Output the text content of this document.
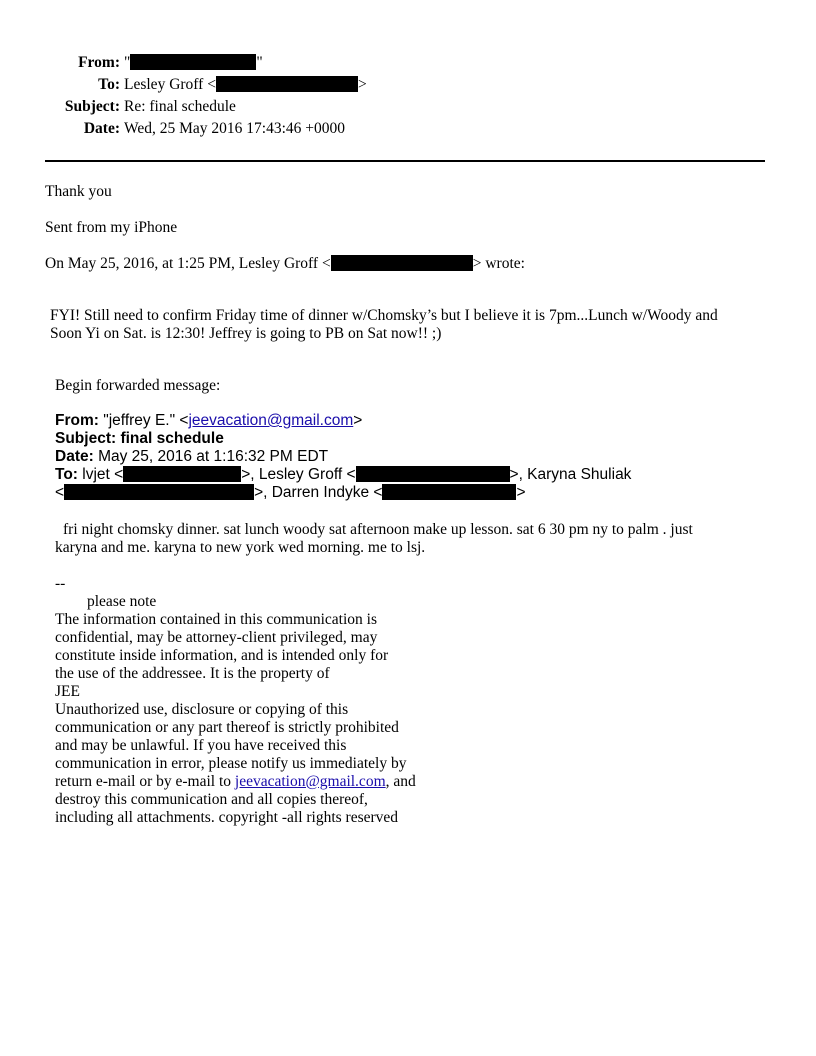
From: "	"
To: Lesley Groff <	>
Subject: Re: final schedule
Date: Wed, 25 May 2016 17:43:46 +0000
Thank you
Sent from my iPhone
On May 25, 2016, at 1:25 PM, Lesley Groff <	> wrote:
FYI! Still need to confirm Friday time of dinner w/Chomsky’s but I believe it is 7pm...Lunch w/Woody and
Soon Yi on Sat. is 12:30! Jeffrey is going to PB on Sat now!! ;)
Begin forwarded message:
From: "jeffrey E." <jeevacation@gmail.com>
Subject: final schedule
Date: May 25, 2016 at 1:16:32 PM EDT
To: lvjet <	>, Lesley Groff <	>, Karyna Shuliak
<	>, Darren Indyke <	>
fri night chomsky dinner. sat lunch woody sat afternoon make up lesson. sat 6 30 pm ny to palm . just
karyna and me. karyna to new york wed morning. me to lsj.
--
please note
The information contained in this communication is
confidential, may be attorney-client privileged, may
constitute inside information, and is intended only for
the use of the addressee. It is the property of
JEE
Unauthorized use, disclosure or copying of this
communication or any part thereof is strictly prohibited
and may be unlawful. If you have received this
communication in error, please notify us immediately by
return e-mail or by e-mail to jeevacation@gmail.com, and
destroy this communication and all copies thereof,
including all attachments. copyright -all rights reserved
